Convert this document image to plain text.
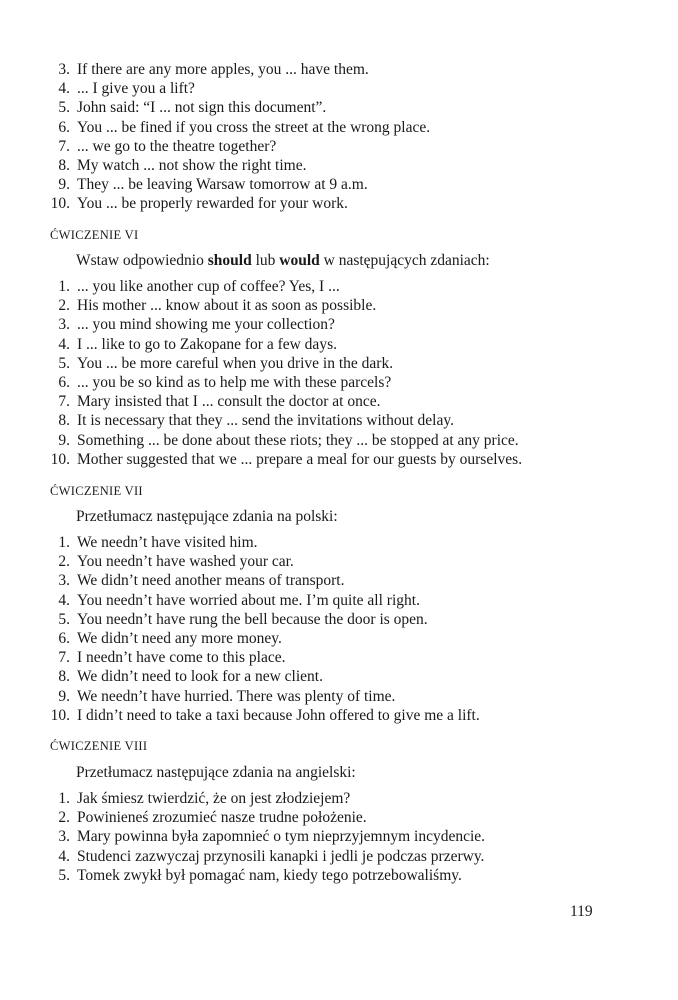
3. If there are any more apples, you ... have them.
4. ... I give you a lift?
5. John said: “I ... not sign this document”.
6. You ... be fined if you cross the street at the wrong place.
7. ... we go to the theatre together?
8. My watch ... not show the right time.
9. They ... be leaving Warsaw tomorrow at 9 a.m.
10. You ... be properly rewarded for your work.
ĆWICZENIE VI
Wstaw odpowiednio should lub would w następujących zdaniach:
1. ... you like another cup of coffee? Yes, I ...
2. His mother ... know about it as soon as possible.
3. ... you mind showing me your collection?
4. I ... like to go to Zakopane for a few days.
5. You ... be more careful when you drive in the dark.
6. ... you be so kind as to help me with these parcels?
7. Mary insisted that I ... consult the doctor at once.
8. It is necessary that they ... send the invitations without delay.
9. Something ... be done about these riots; they ... be stopped at any price.
10. Mother suggested that we ... prepare a meal for our guests by ourselves.
ĆWICZENIE VII
Przetłumacz następujące zdania na polski:
1. We needn’t have visited him.
2. You needn’t have washed your car.
3. We didn’t need another means of transport.
4. You needn’t have worried about me. I’m quite all right.
5. You needn’t have rung the bell because the door is open.
6. We didn’t need any more money.
7. I needn’t have come to this place.
8. We didn’t need to look for a new client.
9. We needn’t have hurried. There was plenty of time.
10. I didn’t need to take a taxi because John offered to give me a lift.
ĆWICZENIE VIII
Przetłumacz następujące zdania na angielski:
1. Jak śmiesz twierdzić, że on jest złodziejem?
2. Powinieneś zrozumieć nasze trudne położenie.
3. Mary powinna była zapomnieć o tym nieprzyjemnym incydencie.
4. Studenci zazwyczaj przynosili kanapki i jedli je podczas przerwy.
5. Tomek zwykł był pomagać nam, kiedy tego potrzebowaliśmy.
119
